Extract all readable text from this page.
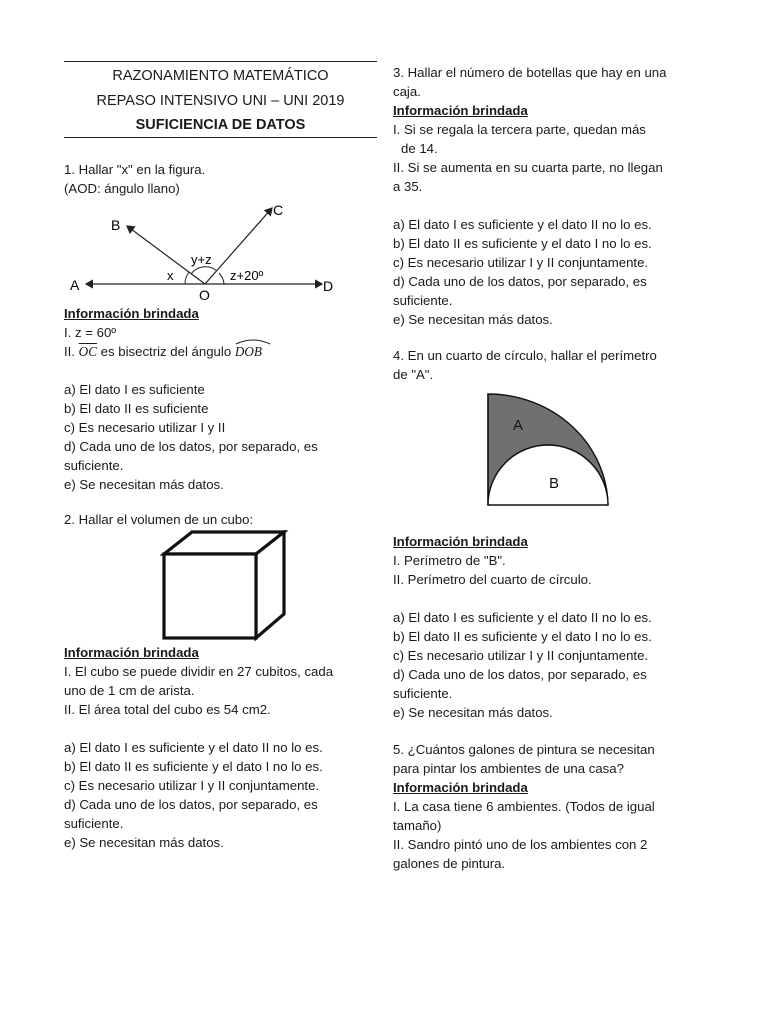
RAZONAMIENTO MATEMÁTICO

REPASO INTENSIVO UNI – UNI 2019

SUFICIENCIA DE DATOS

1. Hallar "x" en la figura.

(AOD: ángulo llano)

A
B
C
D
O
x
y+z
z+20º

Información brindada

I. z = 60º

II. $\overline{OC}$ es bisectriz del ángulo DOB

a) El dato I es suficiente

b) El dato II es suficiente

c) Es necesario utilizar I y II

d) Cada uno de los datos, por separado, es

suficiente.

e) Se necesitan más datos.

2. Hallar el volumen de un cubo:

Información brindada

I. El cubo se puede dividir en 27 cubitos, cada

uno de 1 cm de arista.

II. El área total del cubo es 54 cm2.

a) El dato I es suficiente y el dato II no lo es.

b) El dato II es suficiente y el dato I no lo es.

c) Es necesario utilizar I y II conjuntamente.

d) Cada uno de los datos, por separado, es

suficiente.

e) Se necesitan más datos.

3. Hallar el número de botellas que hay en una

caja.

Información brindada

I. Si se regala la tercera parte, quedan más

de 14.

II. Si se aumenta en su cuarta parte, no llegan

a 35.

a) El dato I es suficiente y el dato II no lo es.

b) El dato II es suficiente y el dato I no lo es.

c) Es necesario utilizar I y II conjuntamente.

d) Cada uno de los datos, por separado, es

suficiente.

e) Se necesitan más datos.

4. En un cuarto de círculo, hallar el perímetro

de "A".

A
B

Información brindada

I. Perímetro de "B".

II. Perímetro del cuarto de círculo.

a) El dato I es suficiente y el dato II no lo es.

b) El dato II es suficiente y el dato I no lo es.

c) Es necesario utilizar I y II conjuntamente.

d) Cada uno de los datos, por separado, es

suficiente.

e) Se necesitan más datos.

5. ¿Cuántos galones de pintura se necesitan

para pintar los ambientes de una casa?

Información brindada

I. La casa tiene 6 ambientes. (Todos de igual

tamaño)

II. Sandro pintó uno de los ambientes con 2

galones de pintura.
